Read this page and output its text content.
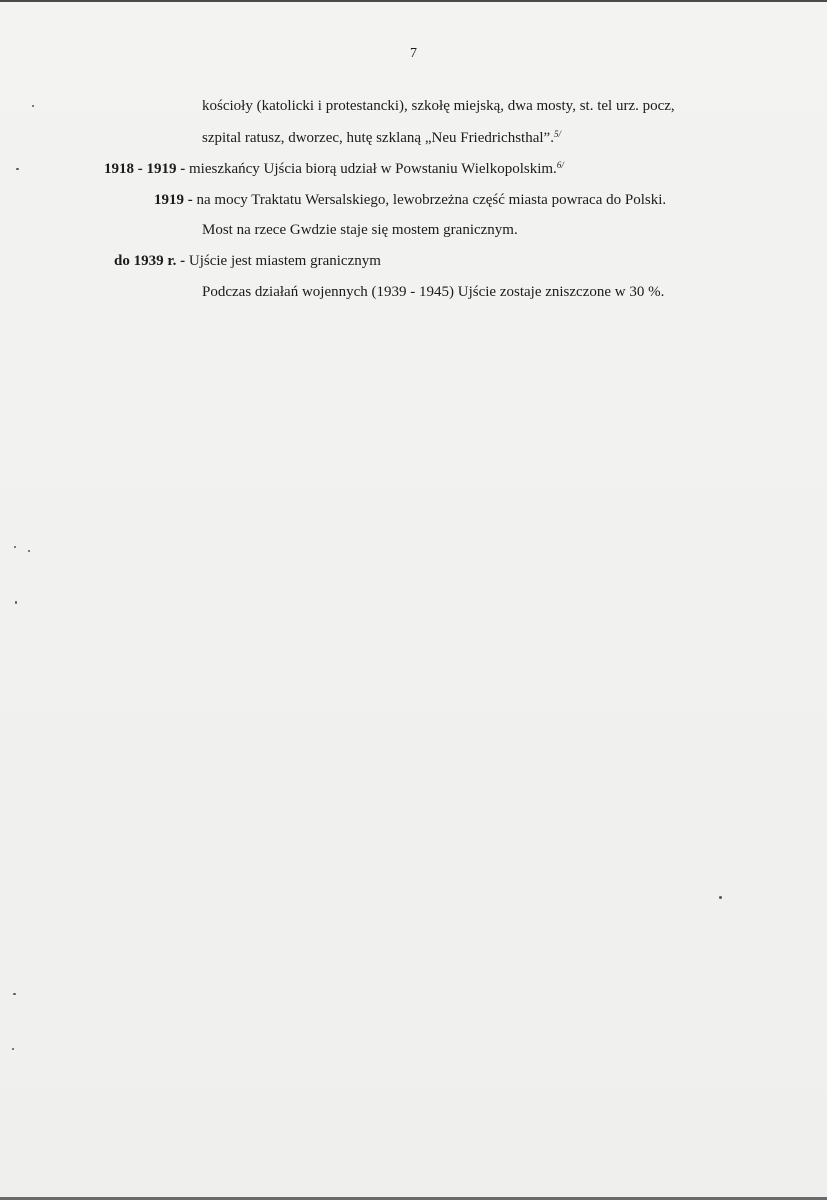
7
kościoły (katolicki i protestancki), szkołę miejską, dwa mosty, st. tel urz. pocz,
szpital ratusz, dworzec, hutę szklaną „Neu Friedrichsthal”.$^{5/}$
1918 - 1919 - mieszkańcy Ujścia biorą udział w Powstaniu Wielkopolskim.$^{6/}$
1919 - na mocy Traktatu Wersalskiego, lewobrzeżna część miasta powraca do Polski.
Most na rzece Gwdzie staje się mostem granicznym.
do 1939 r. - Ujście jest miastem granicznym
Podczas działań wojennych (1939 - 1945) Ujście zostaje zniszczone w 30 %.
